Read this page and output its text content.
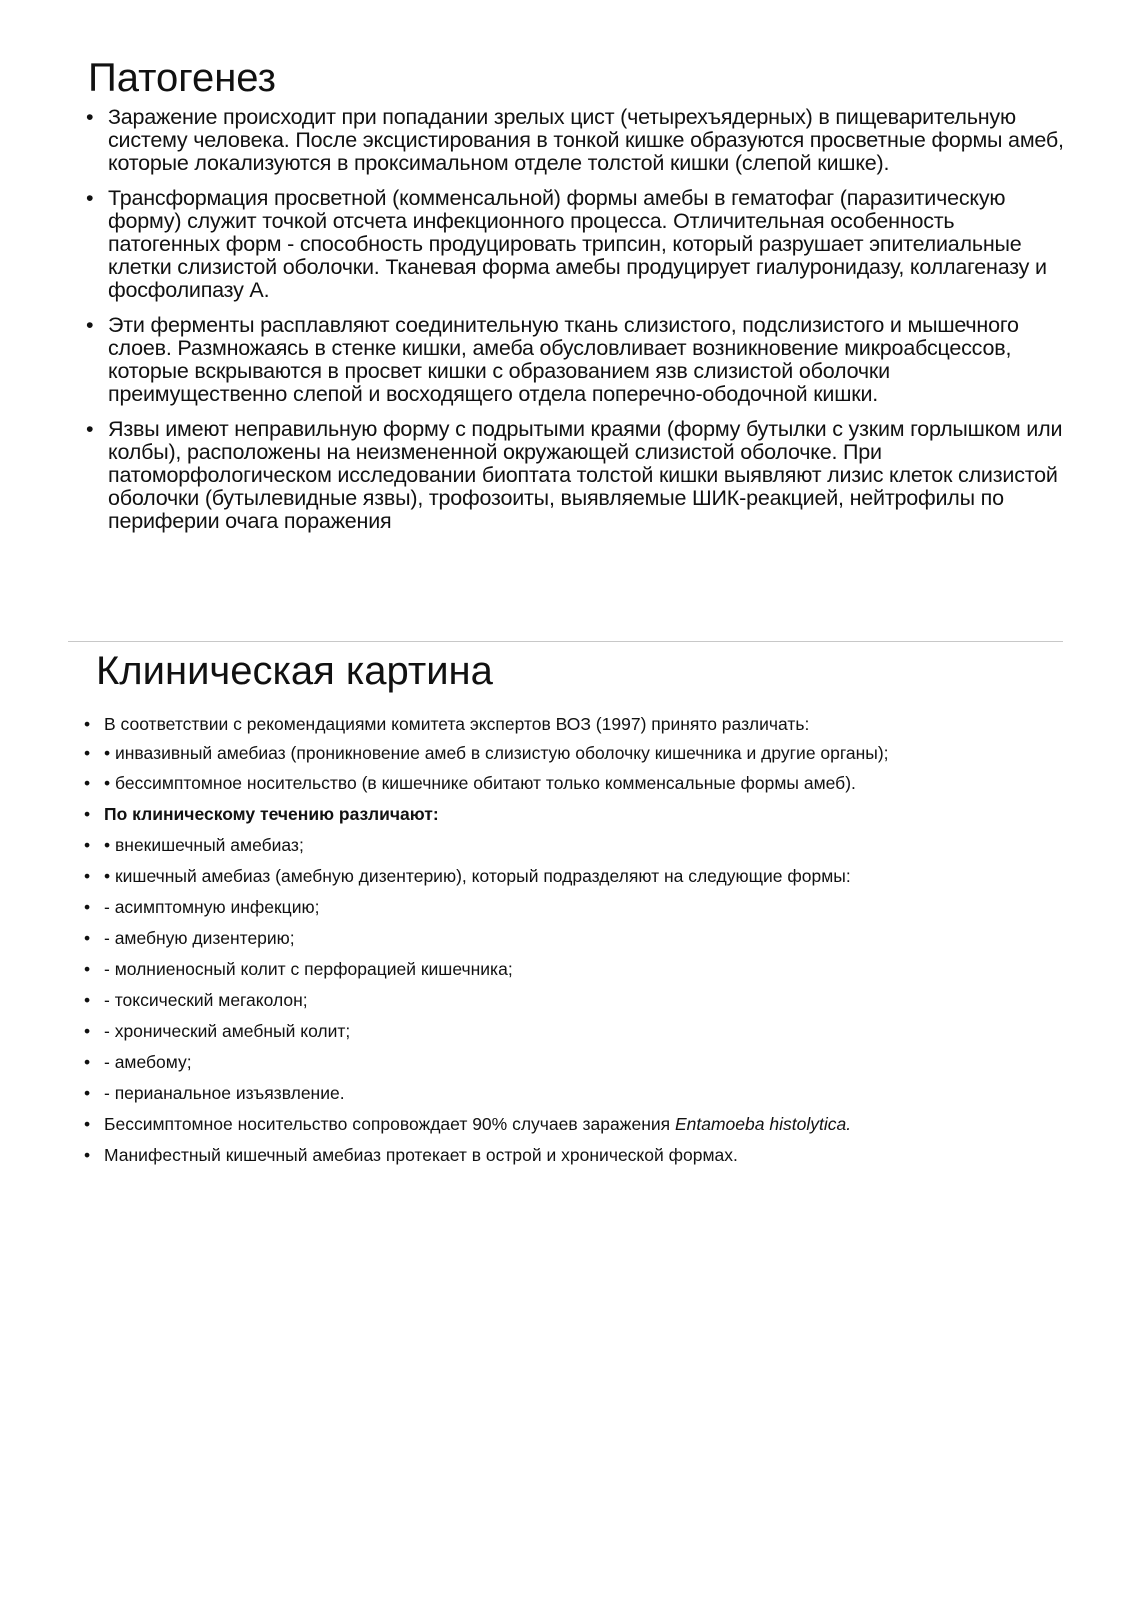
Патогенез
• Заражение происходит при попадании зрелых цист (четырехъядерных) в пищеварительную систему человека. После эксцистирования в тонкой кишке образуются просветные формы амеб, которые локализуются в проксимальном отделе толстой кишки (слепой кишке).
• Трансформация просветной (комменсальной) формы амебы в гематофаг (паразитическую форму) служит точкой отсчета инфекционного процесса. Отличительная особенность патогенных форм - способность продуцировать трипсин, который разрушает эпителиальные клетки слизистой оболочки. Тканевая форма амебы продуцирует гиалуронидазу, коллагеназу и фосфолипазу А.
• Эти ферменты расплавляют соединительную ткань слизистого, подслизистого и мышечного слоев. Размножаясь в стенке кишки, амеба обусловливает возникновение микроабсцессов, которые вскрываются в просвет кишки с образованием язв слизистой оболочки преимущественно слепой и восходящего отдела поперечно-ободочной кишки.
• Язвы имеют неправильную форму с подрытыми краями (форму бутылки с узким горлышком или колбы), расположены на неизмененной окружающей слизистой оболочке. При патоморфологическом исследовании биоптата толстой кишки выявляют лизис клеток слизистой оболочки (бутылевидные язвы), трофозоиты, выявляемые ШИК-реакцией, нейтрофилы по периферии очага поражения
Клиническая картина
• В соответствии с рекомендациями комитета экспертов ВОЗ (1997) принято различать:
• • инвазивный амебиаз (проникновение амеб в слизистую оболочку кишечника и другие органы);
• • бессимптомное носительство (в кишечнике обитают только комменсальные формы амеб).
• По клиническому течению различают:
• • внекишечный амебиаз;
• • кишечный амебиаз (амебную дизентерию), который подразделяют на следующие формы:
• - асимптомную инфекцию;
• - амебную дизентерию;
• - молниеносный колит с перфорацией кишечника;
• - токсический мегаколон;
• - хронический амебный колит;
• - амебому;
• - перианальное изъязвление.
• Бессимптомное носительство сопровождает 90% случаев заражения Entamoeba histolytica.
• Манифестный кишечный амебиаз протекает в острой и хронической формах.
